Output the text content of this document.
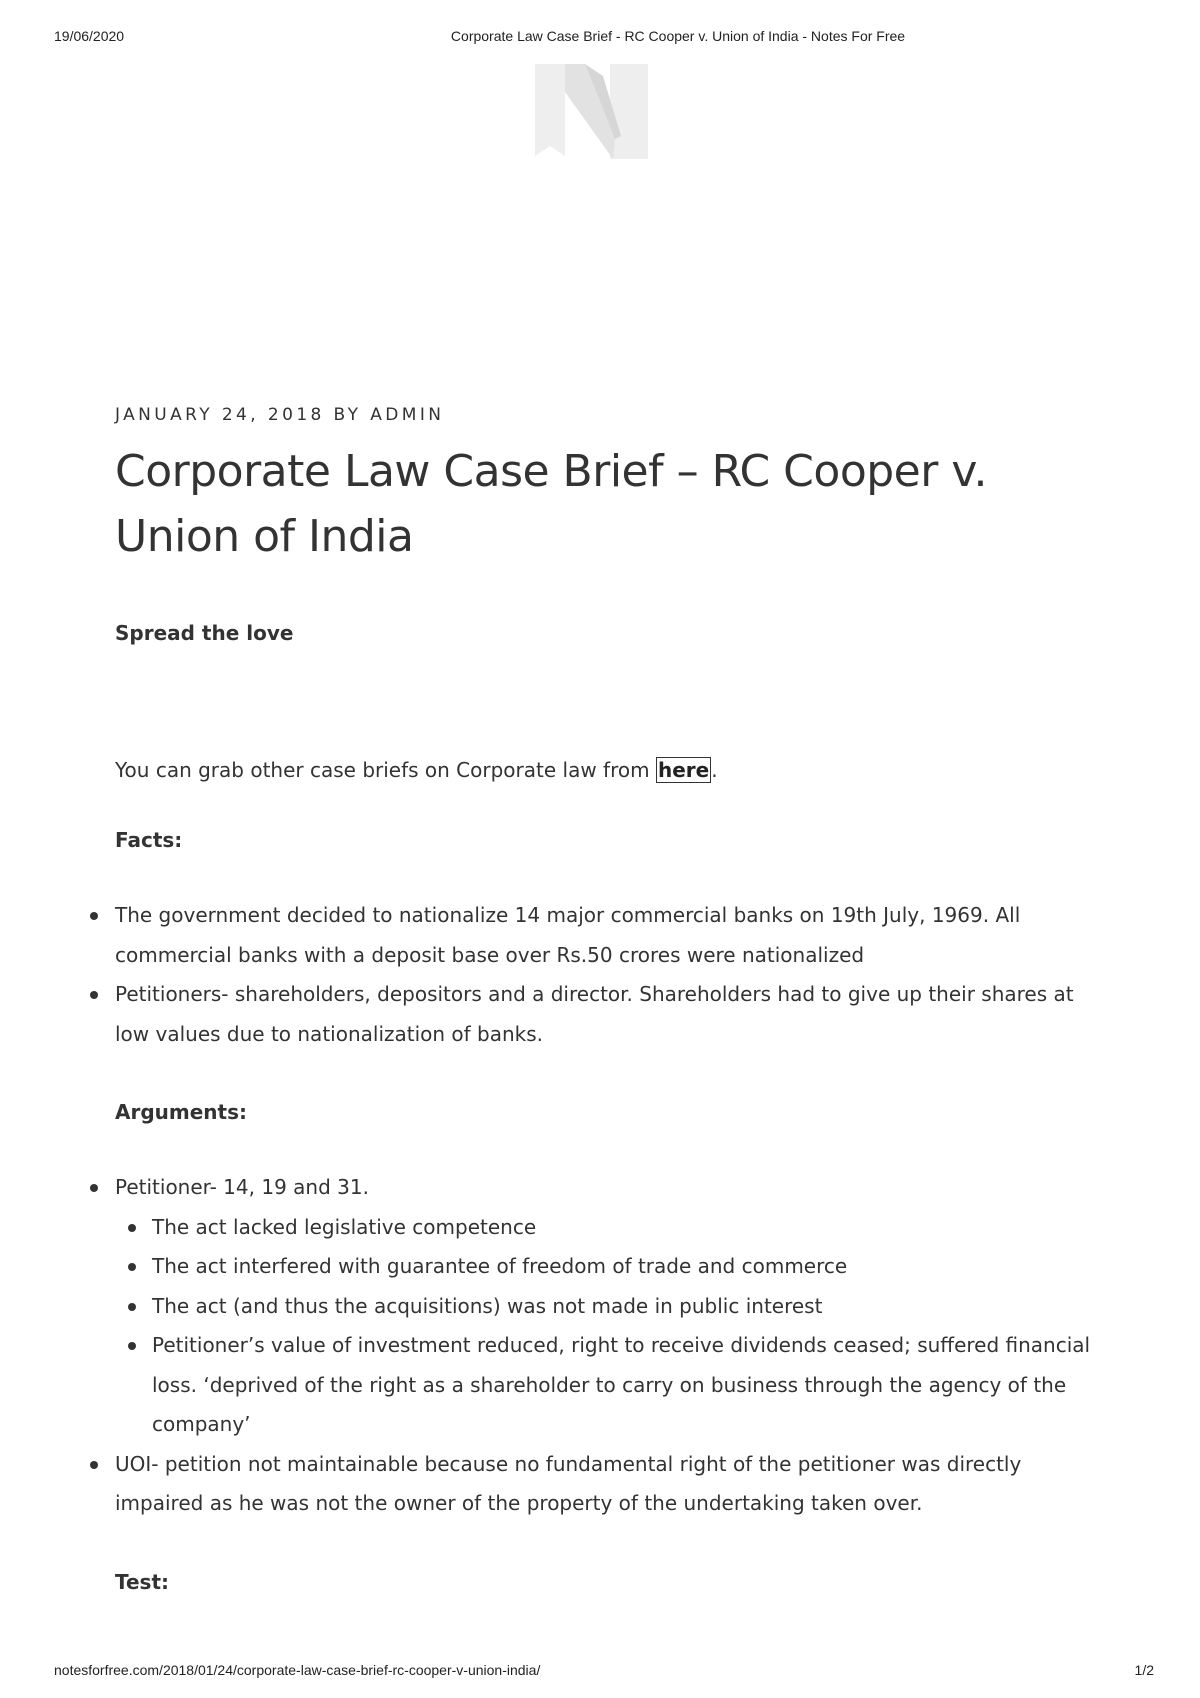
19/06/2020	Corporate Law Case Brief - RC Cooper v. Union of India - Notes For Free

JANUARY 24, 2018 BY ADMIN

Corporate Law Case Brief – RC Cooper v. Union of India

Spread the love

You can grab other case briefs on Corporate law from here .

Facts:

The government decided to nationalize 14 major commercial banks on 19th July, 1969. All commercial banks with a deposit base over Rs.50 crores were nationalized
Petitioners- shareholders, depositors and a director. Shareholders had to give up their shares at low values due to nationalization of banks.

Arguments:

Petitioner- 14, 19 and 31.
The act lacked legislative competence
The act interfered with guarantee of freedom of trade and commerce
The act (and thus the acquisitions) was not made in public interest
Petitioner’s value of investment reduced, right to receive dividends ceased; suffered financial loss. ‘deprived of the right as a shareholder to carry on business through the agency of the company’
UOI- petition not maintainable because no fundamental right of the petitioner was directly impaired as he was not the owner of the property of the undertaking taken over.

Test:

notesforfree.com/2018/01/24/corporate-law-case-brief-rc-cooper-v-union-india/	1/2
